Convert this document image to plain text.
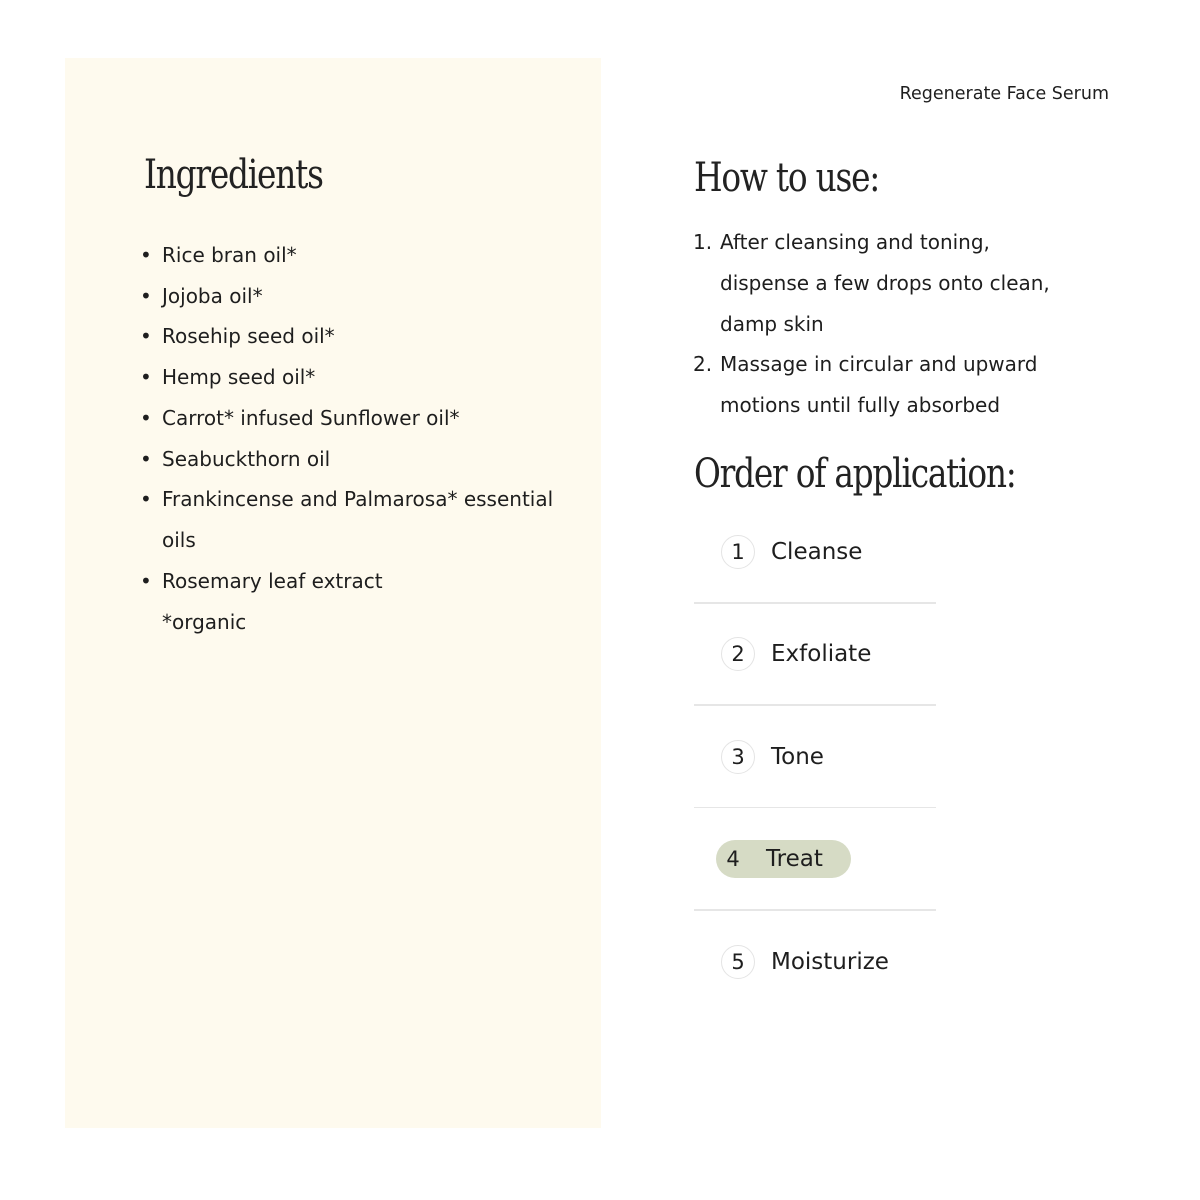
Ingredients
• Rice bran oil*
• Jojoba oil*
• Rosehip seed oil*
• Hemp seed oil*
• Carrot* infused Sunflower oil*
• Seabuckthorn oil
• Frankincense and Palmarosa* essential oils
• Rosemary leaf extract
*organic
Regenerate Face Serum
How to use:
1. After cleansing and toning, dispense a few drops onto clean, damp skin
2. Massage in circular and upward motions until fully absorbed
Order of application:
1	Cleanse
2	Exfoliate
3	Tone
4	Treat
5	Moisturize
